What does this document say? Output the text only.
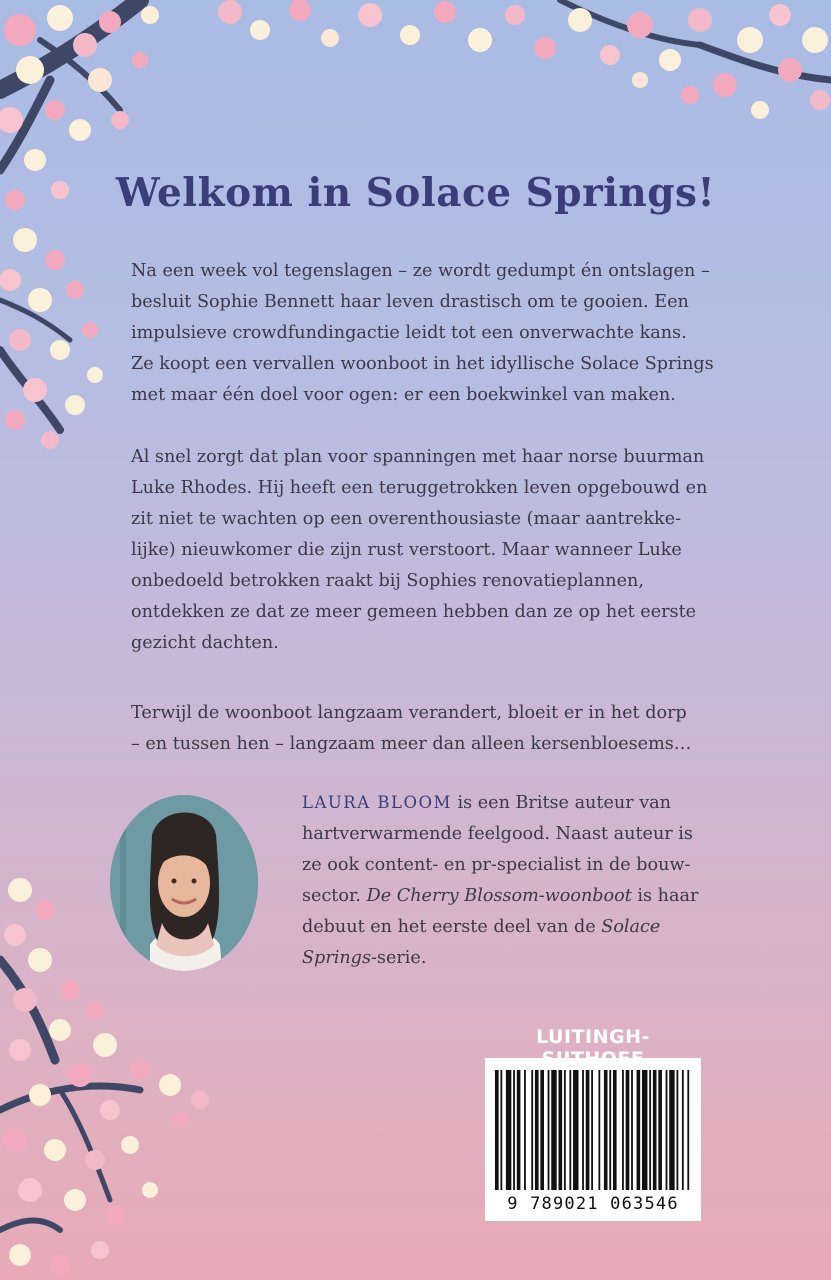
Welkom in Solace Springs!
Na een week vol tegenslagen – ze wordt gedumpt én ontslagen –
besluit Sophie Bennett haar leven drastisch om te gooien. Een
impulsieve crowdfundingactie leidt tot een onverwachte kans.
Ze koopt een vervallen woonboot in het idyllische Solace Springs
met maar één doel voor ogen: er een boekwinkel van maken.
Al snel zorgt dat plan voor spanningen met haar norse buurman
Luke Rhodes. Hij heeft een teruggetrokken leven opgebouwd en
zit niet te wachten op een overenthousiaste (maar aantrekke-
lijke) nieuwkomer die zijn rust verstoort. Maar wanneer Luke
onbedoeld betrokken raakt bij Sophies renovatieplannen,
ontdekken ze dat ze meer gemeen hebben dan ze op het eerste
gezicht dachten.
Terwijl de woonboot langzaam verandert, bloeit er in het dorp
– en tussen hen – langzaam meer dan alleen kersenbloesems…
LAURA BLOOM is een Britse auteur van
hartverwarmende feelgood. Naast auteur is
ze ook content- en pr-specialist in de bouw-
sector. De Cherry Blossom-woonboot is haar
debuut en het eerste deel van de Solace
Springs-serie.
LUITINGH-
9 789021 063546
